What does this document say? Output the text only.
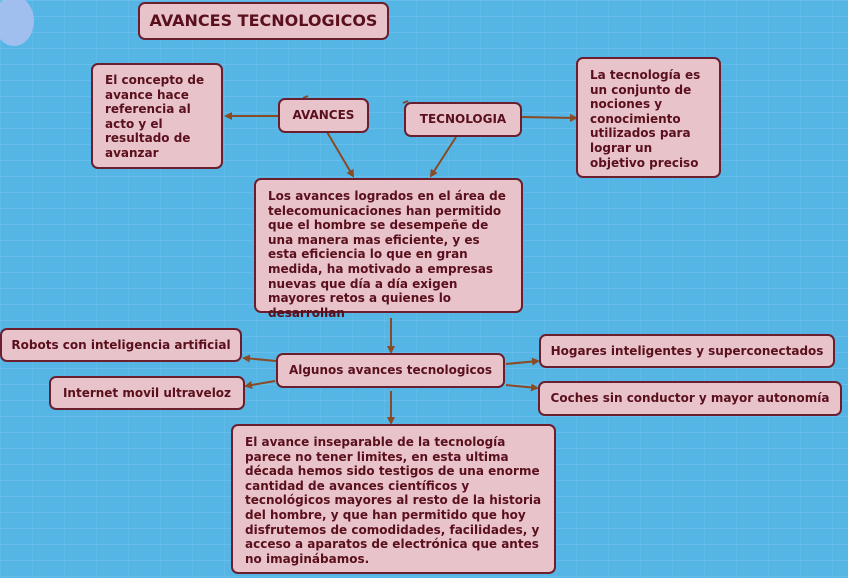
AVANCES TECNOLOGICOS
El concepto de avance hace referencia al acto y el resultado de avanzar
AVANCES	TECNOLOGIA
La tecnología es un conjunto de nociones y conocimiento utilizados para lograr un objetivo preciso
Los avances logrados en el área de telecomunicaciones han permitido que el hombre se desempeñe de una manera mas eficiente, y es esta eficiencia lo que en gran medida, ha motivado a empresas nuevas que día a día exigen mayores retos a quienes lo desarrollan
Algunos avances tecnologicos
Robots con inteligencia artificial
Internet movil ultraveloz
Hogares inteligentes y superconectados
Coches sin conductor y mayor autonomía
El avance inseparable de la tecnología parece no tener limites, en esta ultima década hemos sido testigos de una enorme cantidad de avances científicos y tecnológicos mayores al resto de la historia del hombre, y que han permitido que hoy disfrutemos de comodidades, facilidades, y acceso a aparatos de electrónica que antes no imaginábamos.
